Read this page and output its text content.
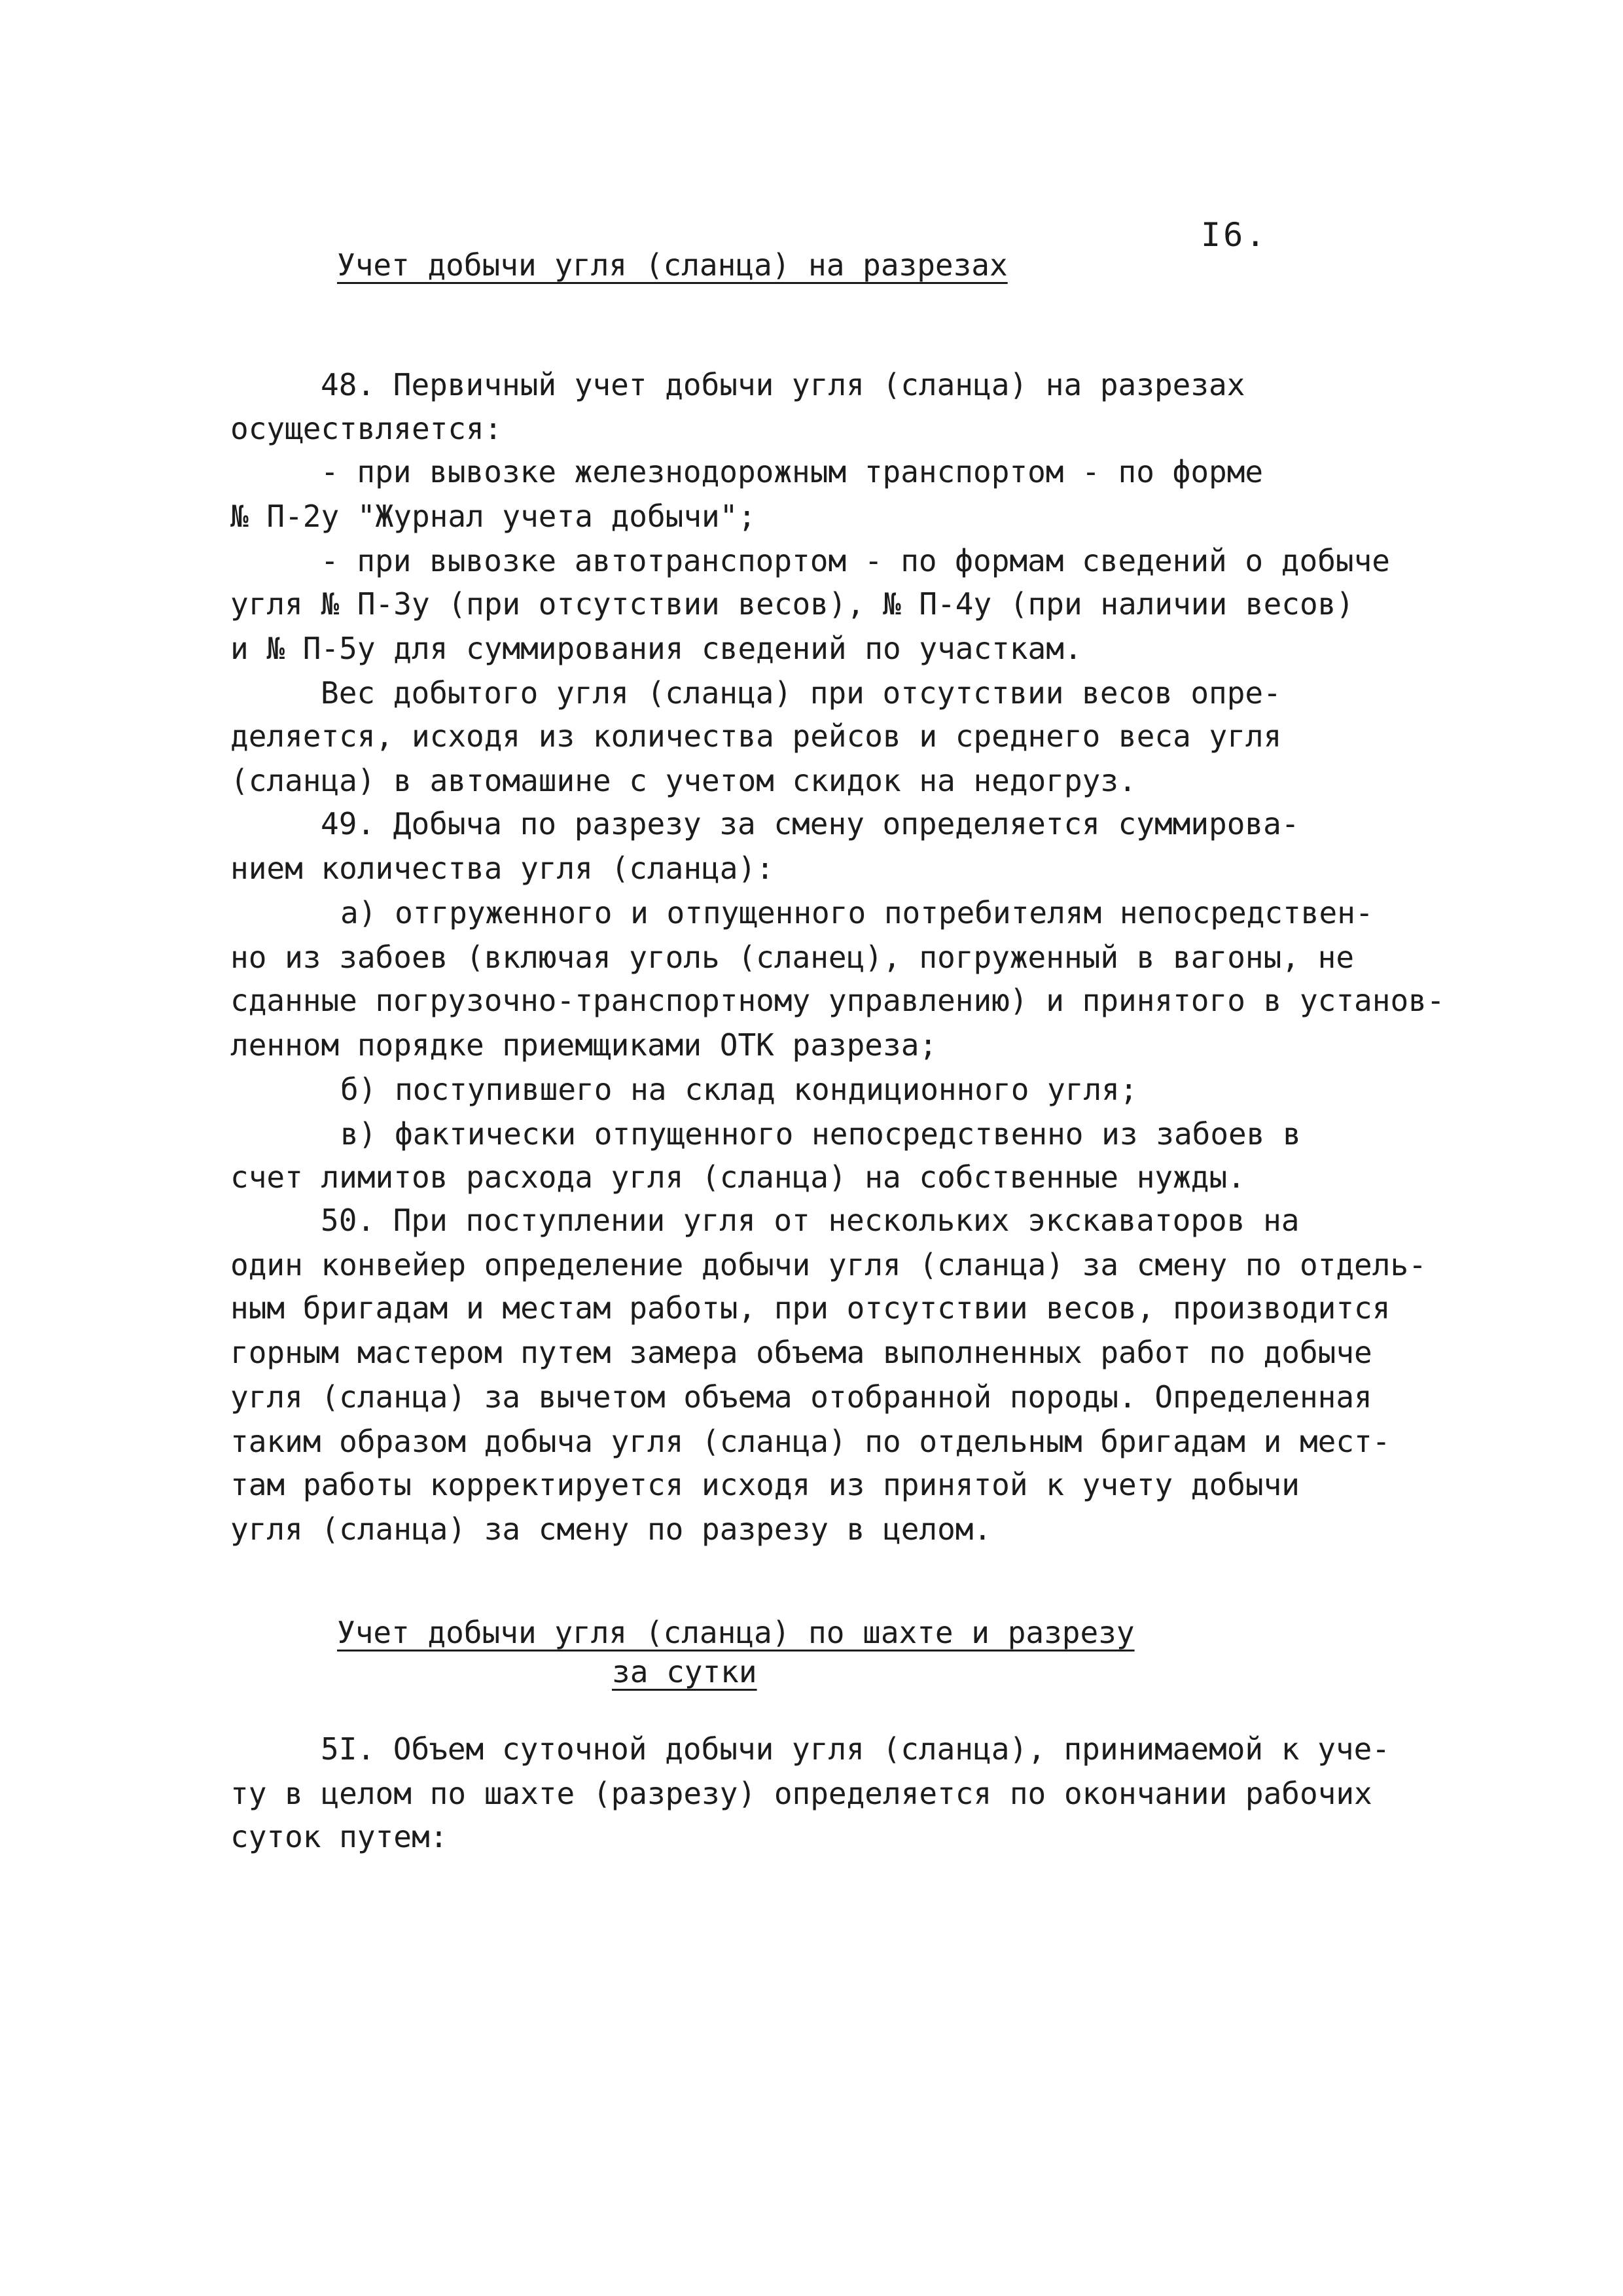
I6.
Учет добычи угля (сланца) на разрезах
48. Первичный учет добычи угля (сланца) на разрезах
осуществляется:
- при вывозке железнодорожным транспортом - по форме
№ П-2у "Журнал учета добычи";
- при вывозке автотранспортом - по формам сведений о добыче
угля № П-3у (при отсутствии весов), № П-4у (при наличии весов)
и № П-5у для суммирования сведений по участкам.
Вес добытого угля (сланца) при отсутствии весов опре-
деляется, исходя из количества рейсов и среднего веса угля
(сланца) в автомашине с учетом скидок на недогруз.
49. Добыча по разрезу за смену определяется суммирова-
нием количества угля (сланца):
а) отгруженного и отпущенного потребителям непосредствен-
но из забоев (включая уголь (сланец), погруженный в вагоны, не
сданные погрузочно-транспортному управлению) и принятого в установ-
ленном порядке приемщиками ОТК разреза;
б) поступившего на склад кондиционного угля;
в) фактически отпущенного непосредственно из забоев в
счет лимитов расхода угля (сланца) на собственные нужды.
50. При поступлении угля от нескольких экскаваторов на
один конвейер определение добычи угля (сланца) за смену по отдель-
ным бригадам и местам работы, при отсутствии весов, производится
горным мастером путем замера объема выполненных работ по добыче
угля (сланца) за вычетом объема отобранной породы. Определенная
таким образом добыча угля (сланца) по отдельным бригадам и мест-
там работы корректируется исходя из принятой к учету добычи
угля (сланца) за смену по разрезу в целом.
Учет добычи угля (сланца) по шахте и разрезу
за сутки
5I. Объем суточной добычи угля (сланца), принимаемой к уче-
ту в целом по шахте (разрезу) определяется по окончании рабочих
суток путем:
